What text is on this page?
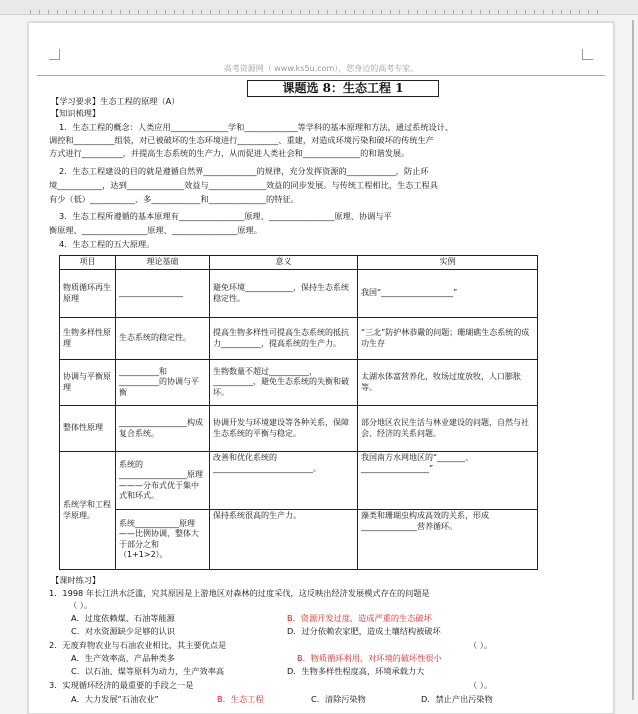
高考资源网（ www.ks5u.com），您身边的高考专家。
课题选 8：生态工程 1
【学习要求】生态工程的原理（A）
【知识梳理】
1．生态工程的概念：人类应用______________学和_____________等学科的基本原理和方法，通过系统设计、
调控和__________组装，对已被破坏的生态环境进行__________、重建，对造成环境污染和破坏的传统生产
方式进行__________，并提高生态系统的生产力，从而促进人类社会和______________的和谐发展。
2．生态工程建设的目的就是遵循自然界_____________的规律，充分发挥资源的____________，防止环
境___________，达到______________效益与______________效益的同步发展。与传统工程相比，生态工程具
有少（低）___________、多____________和______________的特征。
3．生态工程所遵循的基本原理有________________原理、________________原理、协调与平
衡原理、________________原理、________________原理。
4．生态工程的五大原理。
项目	理论基础	意义	实例
物质循环再生原理	________________	避免环境____________，保持生态系统稳定性。	我国“__________________”
生物多样性原理	生态系统的稳定性。	提高生物多样性可提高生态系统的抵抗力__________，提高系统的生产力。	“三北”防护林恭嚴的问题；珊瑚礁生态系统的成功生存
协调与平衡原理	__________和__________的协调与平衡	生物数量不超过__________，__________，避免生态系统的失衡和破坏。	太湖水体富营养化，牧场过度放牧，人口膨胀等。
整体性原理	_________________构成复合系统。	协调开发与环境建设等各种关系，保障生态系统的平衡与稳定。	部分地区农民生活与林业建设的问题，自然与社会、经济的关系问题。
系统学和工程学原理。	系统的_________________原理———分布式优于集中式和环式。	改善和优化系统的_________________________。	我国南方水网地区的“_______、_________________”
	系统___________原理——比例协调，整体大于部分之和（1+1>2）。	保持系统很高的生产力。	藻类和珊瑚虫构成高效的关系，形成______________营养循环。
【课时练习】
1．1998 年长江洪水泛滥，究其原因是上游地区对森林的过度采伐，这反映出经济发展模式存在的问题是
（ ）。
A．过度依赖煤、石油等能源	B．资源开发过度，造成严重的生态破坏
C．对水资源缺少足够的认识	D．过分依赖农家肥，造成土壤结构被破坏
2．无废弃物农业与石油农业相比，其主要优点是	（ ）。
A．生产效率高，产品种类多	B．物质循环利用，对环境的破坏性很小
C．以石油、煤等原料为动力，生产效率高	D．生物多样性程度高，环境承载力大
3．实现循环经济的最重要的手段之一是	（ ）。
A．大力发展“石油农业”	B．生态工程	C．清除污染物	D．禁止产出污染物
